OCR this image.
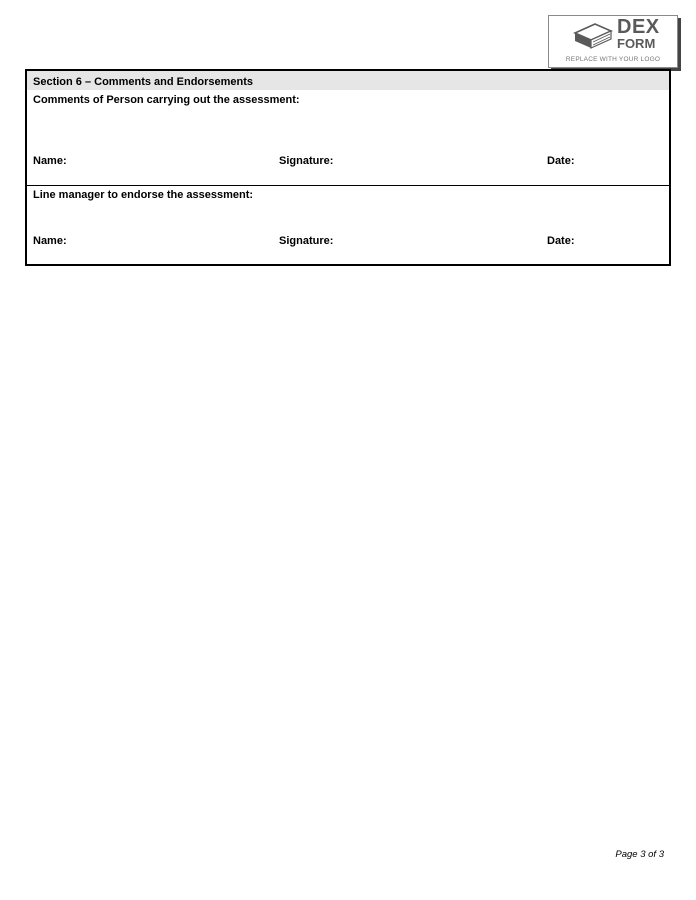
DEX
FORM
REPLACE WITH YOUR LOGO
Section 6 – Comments and Endorsements
Comments of Person carrying out the assessment:
Name:	Signature:	Date:
Line manager to endorse the assessment:
Name:	Signature:	Date:
Page 3 of 3
